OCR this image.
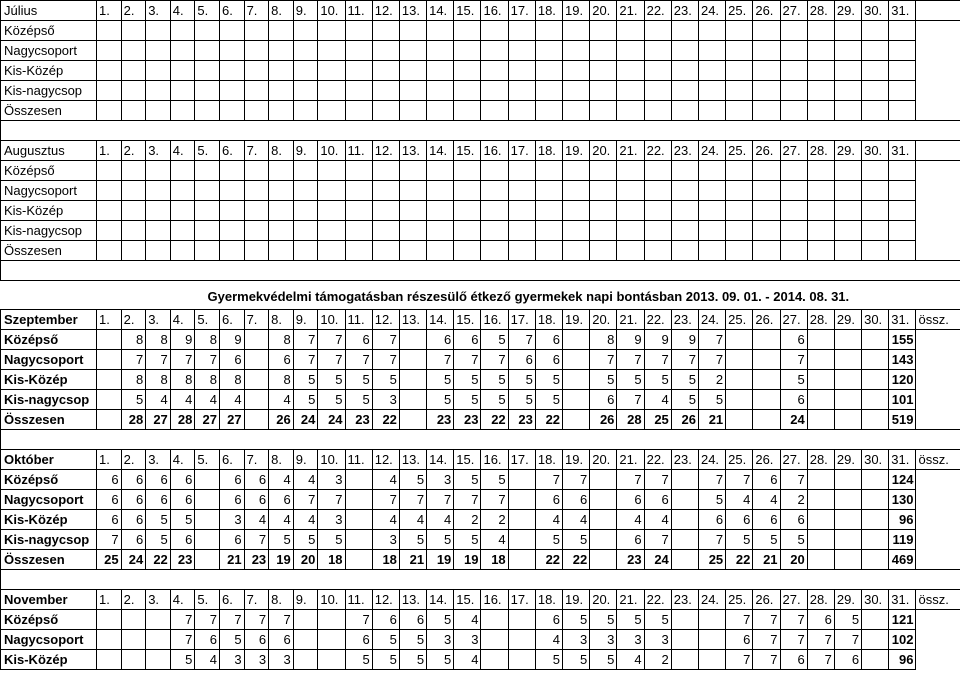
Július	1.	2.	3.	4.	5.	6.	7.	8.	9.	10.	11.	12.	13.	14.	15.	16.	17.	18.	19.	20.	21.	22.	23.	24.	25.	26.	27.	28.	29.	30.	31.	
Középső																																
Nagycsoport																																
Kis-Közép																																
Kis-nagycsop																																
Összesen																																

Augusztus	1.	2.	3.	4.	5.	6.	7.	8.	9.	10.	11.	12.	13.	14.	15.	16.	17.	18.	19.	20.	21.	22.	23.	24.	25.	26.	27.	28.	29.	30.	31.	
Középső																																
Nagycsoport																																
Kis-Közép																																
Kis-nagycsop																																
Összesen																																

	Gyermekvédelmi támogatásban részesülő étkező gyermekek napi bontásban 2013. 09. 01. - 2014. 08. 31.																															
Szeptember	1.	2.	3.	4.	5.	6.	7.	8.	9.	10.	11.	12.	13.	14.	15.	16.	17.	18.	19.	20.	21.	22.	23.	24.	25.	26.	27.	28.	29.	30.	31.	össz.
Középső		8	8	9	8	9		8	7	7	6	7		6	6	5	7	6		8	9	9	9	7			6				155	
Nagycsoport		7	7	7	7	6		6	7	7	7	7		7	7	7	6	6		7	7	7	7	7			7				143	
Kis-Közép		8	8	8	8	8		8	5	5	5	5		5	5	5	5	5		5	5	5	5	2			5				120	
Kis-nagycsop		5	4	4	4	4		4	5	5	5	3		5	5	5	5	5		6	7	4	5	5			6				101	
Összesen		28	27	28	27	27		26	24	24	23	22		23	23	22	23	22		26	28	25	26	21			24				519	

Október	1.	2.	3.	4.	5.	6.	7.	8.	9.	10.	11.	12.	13.	14.	15.	16.	17.	18.	19.	20.	21.	22.	23.	24.	25.	26.	27.	28.	29.	30.	31.	össz.
Középső	6	6	6	6		6	6	4	4	3		4	5	3	5	5		7	7		7	7		7	7	6	7				124	
Nagycsoport	6	6	6	6		6	6	6	7	7		7	7	7	7	7		6	6		6	6		5	4	4	2				130	
Kis-Közép	6	6	5	5		3	4	4	4	3		4	4	4	2	2		4	4		4	4		6	6	6	6				96	
Kis-nagycsop	7	6	5	6		6	7	5	5	5		3	5	5	5	4		5	5		6	7		7	5	5	5				119	
Összesen	25	24	22	23		21	23	19	20	18		18	21	19	19	18		22	22		23	24		25	22	21	20				469	

November	1.	2.	3.	4.	5.	6.	7.	8.	9.	10.	11.	12.	13.	14.	15.	16.	17.	18.	19.	20.	21.	22.	23.	24.	25.	26.	27.	28.	29.	30.	31.	össz.
Középső				7	7	7	7	7			7	6	6	5	4			6	5	5	5	5			7	7	7	6	5		121	
Nagycsoport				7	6	5	6	6			6	5	5	3	3			4	3	3	3	3			6	7	7	7	7		102	
Kis-Közép				5	4	3	3	3			5	5	5	5	4			5	5	5	4	2			7	7	6	7	6		96	
